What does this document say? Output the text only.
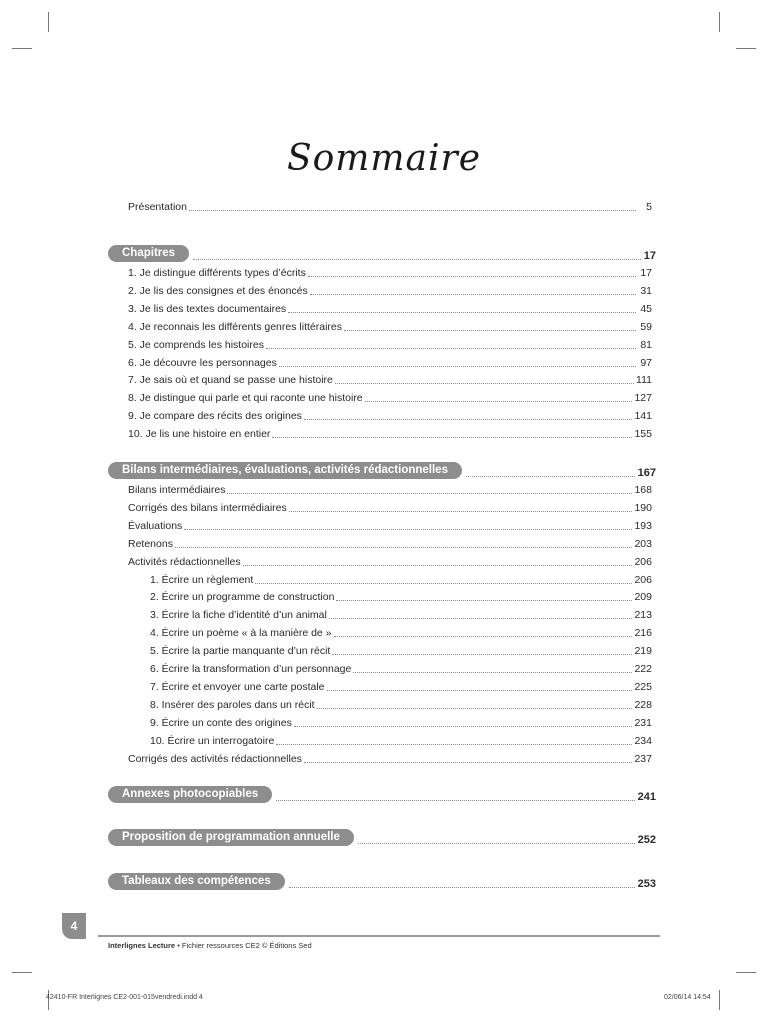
Sommaire
Présentation	5
Chapitres	17
1. Je distingue différents types d’écrits	17
2. Je lis des consignes et des énoncés	31
3. Je lis des textes documentaires	45
4. Je reconnais les différents genres littéraires	59
5. Je comprends les histoires	81
6. Je découvre les personnages	97
7. Je sais où et quand se passe une histoire	111
8. Je distingue qui parle et qui raconte une histoire	127
9. Je compare des récits des origines	141
10. Je lis une histoire en entier	155
Bilans intermédiaires, évaluations, activités rédactionnelles	167
Bilans intermédiaires	168
Corrigés des bilans intermédiaires	190
Évaluations	193
Retenons	203
Activités rédactionnelles	206
1. Écrire un règlement	206
2. Écrire un programme de construction	209
3. Écrire la fiche d’identité d’un animal	213
4. Écrire un poème « à la manière de »	216
5. Écrire la partie manquante d’un récit	219
6. Écrire la transformation d’un personnage	222
7. Écrire et envoyer une carte postale	225
8. Insérer des paroles dans un récit	228
9. Écrire un conte des origines	231
10. Écrire un interrogatoire	234
Corrigés des activités rédactionnelles	237
Annexes photocopiables	241
Proposition de programmation annuelle	252
Tableaux des compétences	253
4
Interlignes Lecture • Fichier ressources CE2 © Éditions Sed
42410-FR Interlignes CE2-001-015vendredi.indd 4	02/06/14 14:54
